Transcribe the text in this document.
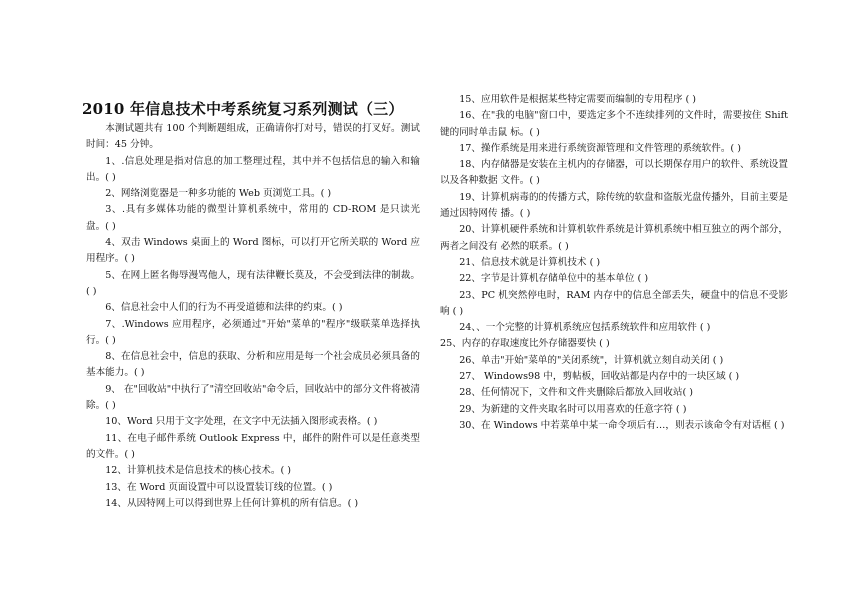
2010 年信息技术中考系统复习系列测试（三）

本测试题共有 100 个判断题组成，正确请你打对号，错误的打叉好。测试时间：45 分钟。

1、.信息处理是指对信息的加工整理过程，其中并不包括信息的输入和输出。( )

2、网络浏览器是一种多功能的 Web 页浏览工具。( )

3、.具有多媒体功能的微型计算机系统中，常用的 CD-ROM 是只读光盘。( )

4、双击 Windows 桌面上的 Word 图标，可以打开它所关联的 Word 应用程序。( )

5、在网上匿名侮辱漫骂他人，现有法律鞭长莫及，不会受到法律的制裁。 ( )

6、信息社会中人们的行为不再受道德和法律的约束。( )

7、.Windows 应用程序，必须通过"开始"菜单的"程序"级联菜单选择执行。( )

8、在信息社会中，信息的获取、分析和应用是每一个社会成员必须具备的基本能力。( )

9、 在"回收站"中执行了"清空回收站"命令后，回收站中的部分文件将被清除。( )

10、Word 只用于文字处理，在文字中无法插入图形或表格。( )

11、在电子邮件系统 Outlook Express 中，邮件的附件可以是任意类型的文件。( )

12、计算机技术是信息技术的核心技术。( )

13、在 Word 页面设置中可以设置装订线的位置。( )

14、从因特网上可以得到世界上任何计算机的所有信息。( )

15、应用软件是根据某些特定需要而编制的专用程序 ( )

16、在"我的电脑"窗口中，要选定多个不连续排列的文件时，需要按住 Shift 键的同时单击鼠 标。( )

17、操作系统是用来进行系统资源管理和文件管理的系统软件。( )

18、内存储器是安装在主机内的存储器，可以长期保存用户的软件、系统设置以及各种数据 文件。( )

19、计算机病毒的的传播方式，除传统的软盘和盗版光盘传播外，目前主要是通过因特网传 播。( )

20、计算机硬件系统和计算机软件系统是计算机系统中相互独立的两个部分，两者之间没有 必然的联系。( )

21、信息技术就是计算机技术 ( )

22、字节是计算机存储单位中的基本单位 ( )

23、PC 机突然停电时，RAM 内存中的信息全部丢失，硬盘中的信息不受影响 ( )

24、、一个完整的计算机系统应包括系统软件和应用软件 ( )

25、内存的存取速度比外存储器要快 ( )

26、单击"开始"菜单的"关闭系统"，计算机就立刻自动关闭 ( )

27、 Windows98 中，剪帖板，回收站都是内存中的一块区域 ( )

28、任何情况下，文件和文件夹删除后都放入回收站( )

29、为新建的文件夹取名时可以用喜欢的任意字符 ( )

30、在 Windows 中若菜单中某一命令项后有…，则表示该命令有对话框 ( )
